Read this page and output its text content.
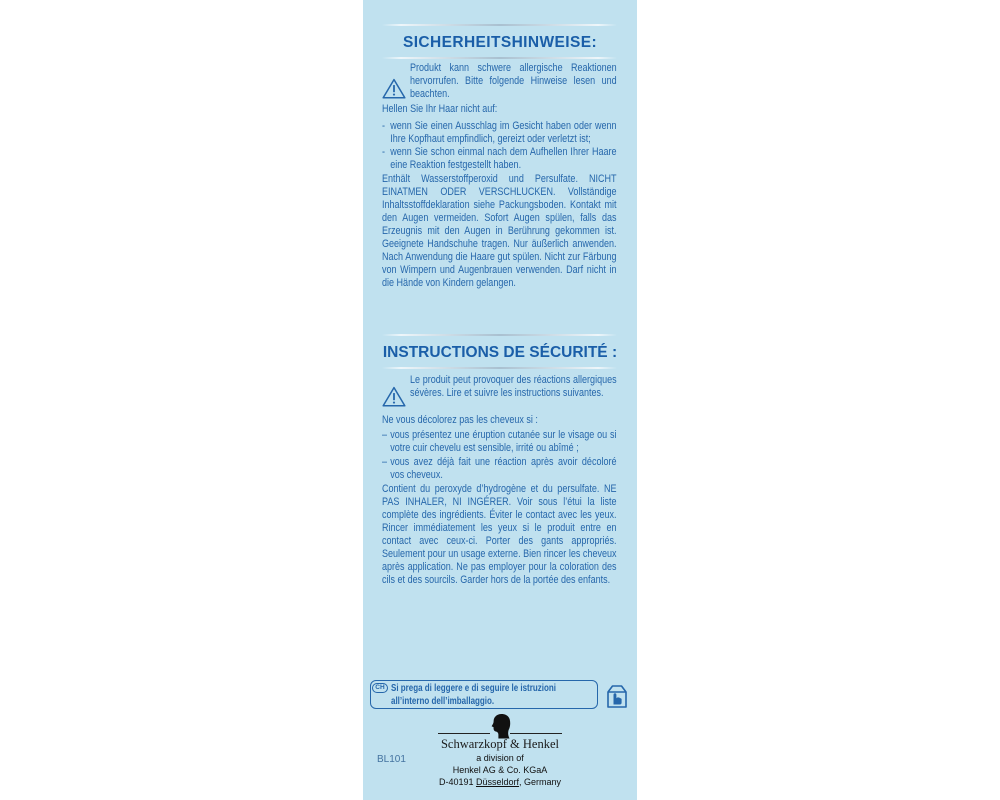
SICHERHEITSHINWEISE:
Produkt kann schwere allergische Reaktionen hervorrufen. Bitte folgende Hinweise lesen und beachten.

Hellen Sie Ihr Haar nicht auf:

- wenn Sie einen Ausschlag im Gesicht haben oder wenn Ihre Kopfhaut empfindlich, gereizt oder verletzt ist;
- wenn Sie schon einmal nach dem Aufhellen Ihrer Haare eine Reaktion festgestellt haben.

Enthält Wasserstoffperoxid und Persulfate. NICHT EINATMEN ODER VERSCHLUCKEN. Vollständige Inhaltsstoffdeklaration siehe Packungsboden. Kontakt mit den Augen vermeiden. Sofort Augen spülen, falls das Erzeugnis mit den Augen in Berührung gekommen ist. Geeignete Handschuhe tragen. Nur äußerlich anwenden. Nach Anwendung die Haare gut spülen. Nicht zur Färbung von Wimpern und Augenbrauen verwenden. Darf nicht in die Hände von Kindern gelangen.

INSTRUCTIONS DE SÉCURITÉ :
Le produit peut provoquer des réactions allergiques sévères. Lire et suivre les instructions suivantes.

Ne vous décolorez pas les cheveux si :

– vous présentez une éruption cutanée sur le visage ou si votre cuir chevelu est sensible, irrité ou abîmé ;
– vous avez déjà fait une réaction après avoir décoloré vos cheveux.

Contient du peroxyde d’hydrogène et du persulfate. NE PAS INHALER, NI INGÉRER. Voir sous l’étui la liste complète des ingrédients. Éviter le contact avec les yeux. Rincer immédiatement les yeux si le produit entre en contact avec ceux-ci. Porter des gants appropriés. Seulement pour un usage externe. Bien rincer les cheveux après application. Ne pas employer pour la coloration des cils et des sourcils. Garder hors de la portée des enfants.

CH Si prega di leggere e di seguire le istruzioni all’interno dell’imballaggio.
BL101
Schwarzkopf & Henkel
a division of
Henkel AG & Co. KGaA
D-40191 Düsseldorf, Germany
